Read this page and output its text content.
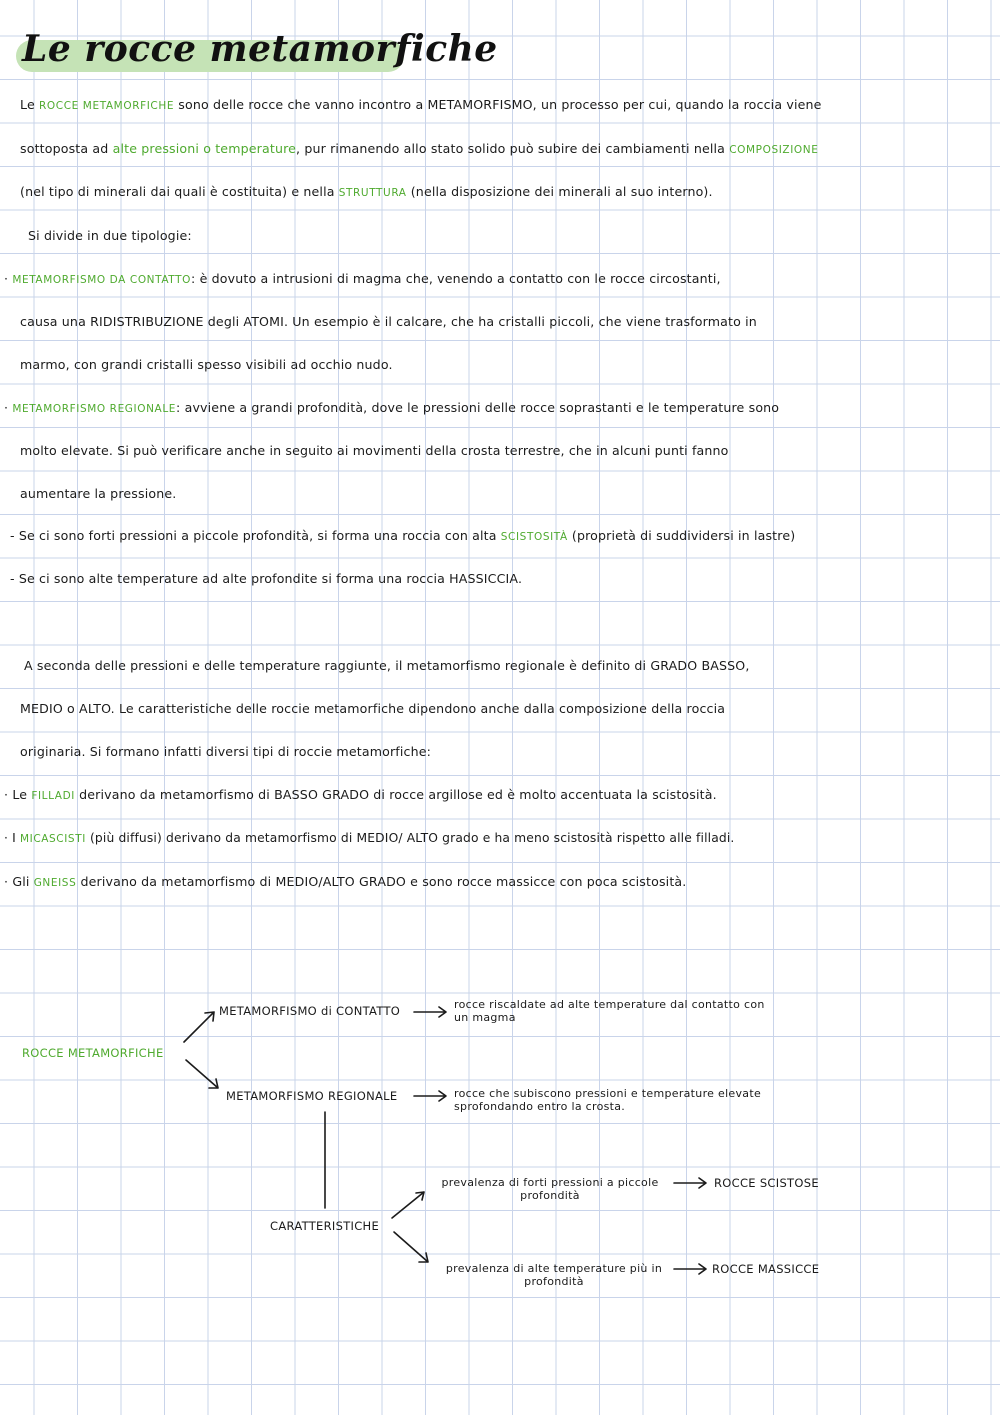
Le rocce metamorfiche
Le ROCCE METAMORFICHE sono delle rocce che vanno incontro a METAMORFISMO, un processo per cui, quando la roccia viene
sottoposta ad alte pressioni o temperature, pur rimanendo allo stato solido può subire dei cambiamenti nella COMPOSIZIONE
(nel tipo di minerali dai quali è costituita) e nella STRUTTURA (nella disposizione dei minerali al suo interno).
Si divide in due tipologie:
· METAMORFISMO DA CONTATTO: è dovuto a intrusioni di magma che, venendo a contatto con le rocce circostanti,
causa una RIDISTRIBUZIONE degli ATOMI. Un esempio è il calcare, che ha cristalli piccoli, che viene trasformato in
marmo, con grandi cristalli spesso visibili ad occhio nudo.
· METAMORFISMO REGIONALE: avviene a grandi profondità, dove le pressioni delle rocce soprastanti e le temperature sono
molto elevate. Si può verificare anche in seguito ai movimenti della crosta terrestre, che in alcuni punti fanno
aumentare la pressione.
- Se ci sono forti pressioni a piccole profondità, si forma una roccia con alta SCISTOSITÀ (proprietà di suddividersi in lastre)
- Se ci sono alte temperature ad alte profondite si forma una roccia HASSICCIA.
A seconda delle pressioni e delle temperature raggiunte, il metamorfismo regionale è definito di GRADO BASSO,
MEDIO o ALTO. Le caratteristiche delle roccie metamorfiche dipendono anche dalla composizione della roccia
originaria. Si formano infatti diversi tipi di roccie metamorfiche:
· Le FILLADI derivano da metamorfismo di BASSO GRADO di rocce argillose ed è molto accentuata la scistosità.
· I MICASCISTI (più diffusi) derivano da metamorfismo di MEDIO/ ALTO grado e ha meno scistosità rispetto alle filladi.
· Gli GNEISS derivano da metamorfismo di MEDIO/ALTO GRADO e sono rocce massicce con poca scistosità.
ROCCE METAMORFICHE
METAMORFISMO di CONTATTO	rocce riscaldate ad alte temperature dal contatto con un magma
METAMORFISMO REGIONALE	rocce che subiscono pressioni e temperature elevate sprofondando entro la crosta.
CARATTERISTICHE
prevalenza di forti pressioni a piccole profondità
ROCCE SCISTOSE
prevalenza di alte temperature più in profondità
ROCCE MASSICCE
